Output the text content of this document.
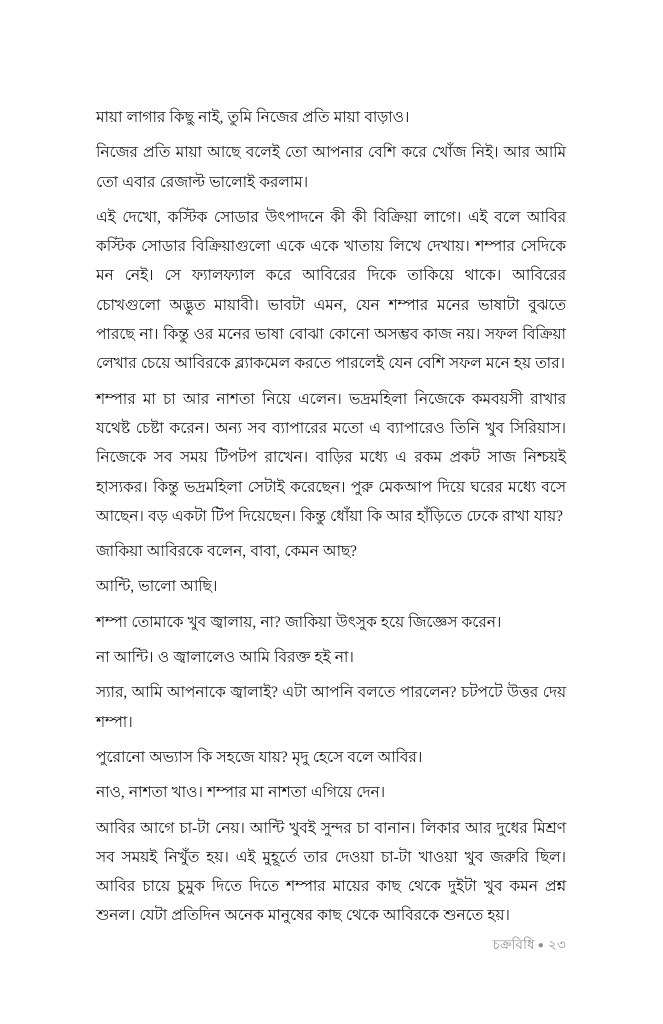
মায়া লাগার কিছু নাই, তুমি নিজের প্রতি মায়া বাড়াও।

নিজের প্রতি মায়া আছে বলেই তো আপনার বেশি করে খোঁজ নিই। আর আমি তো এবার রেজাল্ট ভালোই করলাম।

এই দেখো, কস্টিক সোডার উৎপাদনে কী কী বিক্রিয়া লাগে। এই বলে আবির কস্টিক সোডার বিক্রিয়াগুলো একে একে খাতায় লিখে দেখায়। শম্পার সেদিকে মন নেই। সে ফ্যালফ্যাল করে আবিরের দিকে তাকিয়ে থাকে। আবিরের চোখগুলো অদ্ভুত মায়াবী। ভাবটা এমন, যেন শম্পার মনের ভাষাটা বুঝতে পারছে না। কিন্তু ওর মনের ভাষা বোঝা কোনো অসম্ভব কাজ নয়। সফল বিক্রিয়া লেখার চেয়ে আবিরকে ব্ল্যাকমেল করতে পারলেই যেন বেশি সফল মনে হয় তার।

শম্পার মা চা আর নাশতা নিয়ে এলেন। ভদ্রমহিলা নিজেকে কমবয়সী রাখার যথেষ্ট চেষ্টা করেন। অন্য সব ব্যাপারের মতো এ ব্যাপারেও তিনি খুব সিরিয়াস। নিজেকে সব সময় টিপটপ রাখেন। বাড়ির মধ্যে এ রকম প্রকট সাজ নিশ্চয়ই হাস্যকর। কিন্তু ভদ্রমহিলা সেটাই করেছেন। পুরু মেকআপ দিয়ে ঘরের মধ্যে বসে আছেন। বড় একটা টিপ দিয়েছেন। কিন্তু ধোঁয়া কি আর হাঁড়িতে ঢেকে রাখা যায়?

জাকিয়া আবিরকে বলেন, বাবা, কেমন আছ?

আন্টি, ভালো আছি।

শম্পা তোমাকে খুব জ্বালায়, না? জাকিয়া উৎসুক হয়ে জিজ্ঞেস করেন।

না আন্টি। ও জ্বালালেও আমি বিরক্ত হই না।

স্যার, আমি আপনাকে জ্বালাই? এটা আপনি বলতে পারলেন? চটপটে উত্তর দেয় শম্পা।

পুরোনো অভ্যাস কি সহজে যায়? মৃদু হেসে বলে আবির।

নাও, নাশতা খাও। শম্পার মা নাশতা এগিয়ে দেন।

আবির আগে চা-টা নেয়। আন্টি খুবই সুন্দর চা বানান। লিকার আর দুধের মিশ্রণ সব সময়ই নিখুঁত হয়। এই মুহূর্তে তার দেওয়া চা-টা খাওয়া খুব জরুরি ছিল। আবির চায়ে চুমুক দিতে দিতে শম্পার মায়ের কাছ থেকে দুইটা খুব কমন প্রশ্ন শুনল। যেটা প্রতিদিন অনেক মানুষের কাছ থেকে আবিরকে শুনতে হয়।

চক্রবিধি ● ২৩
